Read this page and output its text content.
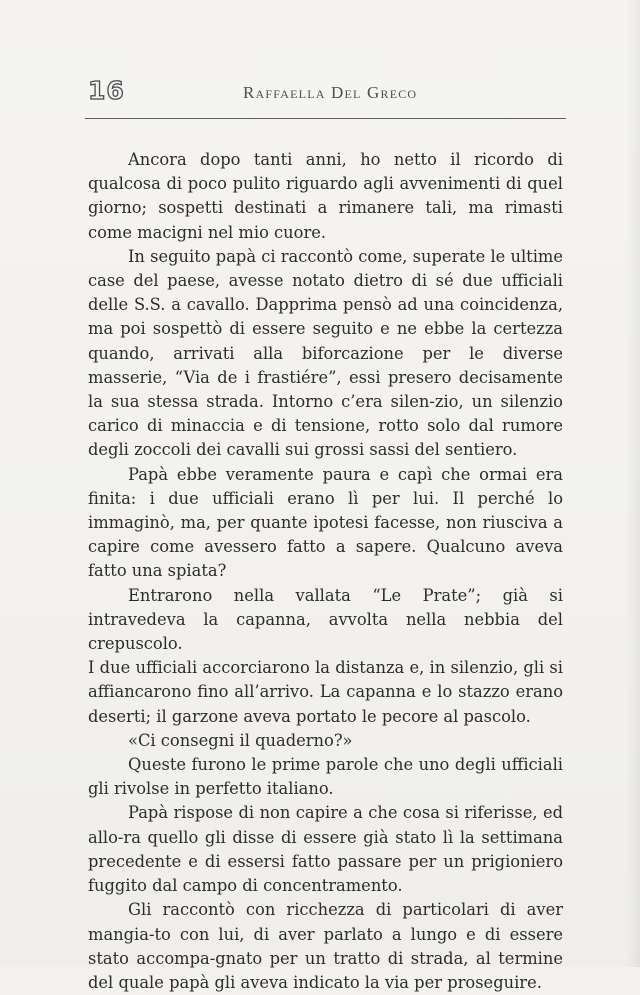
16	Raffaella Del Greco

Ancora dopo tanti anni, ho netto il ricordo di qualcosa di poco pulito riguardo agli avvenimenti di quel giorno; sospetti destinati a rimanere tali, ma rimasti come macigni nel mio cuore.

In seguito papà ci raccontò come, superate le ultime case del paese, avesse notato dietro di sé due ufficiali delle S.S. a cavallo. Dapprima pensò ad una coincidenza, ma poi sospettò di essere seguito e ne ebbe la certezza quando, arrivati alla biforcazione per le diverse masserie, “Via de i frastiére”, essi presero decisamente la sua stessa strada. Intorno c’era silen-zio, un silenzio carico di minaccia e di tensione, rotto solo dal rumore degli zoccoli dei cavalli sui grossi sassi del sentiero.

Papà ebbe veramente paura e capì che ormai era finita: i due ufficiali erano lì per lui. Il perché lo immaginò, ma, per quante ipotesi facesse, non riusciva a capire come avessero fatto a sapere. Qualcuno aveva fatto una spiata?

Entrarono nella vallata “Le Prate”; già si intravedeva la capanna, avvolta nella nebbia del crepuscolo.

I due ufficiali accorciarono la distanza e, in silenzio, gli si affiancarono fino all’arrivo. La capanna e lo stazzo erano deserti; il garzone aveva portato le pecore al pascolo.

«Ci consegni il quaderno?»

Queste furono le prime parole che uno degli ufficiali gli rivolse in perfetto italiano.

Papà rispose di non capire a che cosa si riferisse, ed allo-ra quello gli disse di essere già stato lì la settimana precedente e di essersi fatto passare per un prigioniero fuggito dal campo di concentramento.

Gli raccontò con ricchezza di particolari di aver mangia-to con lui, di aver parlato a lungo e di essere stato accompa-gnato per un tratto di strada, al termine del quale papà gli aveva indicato la via per proseguire.
